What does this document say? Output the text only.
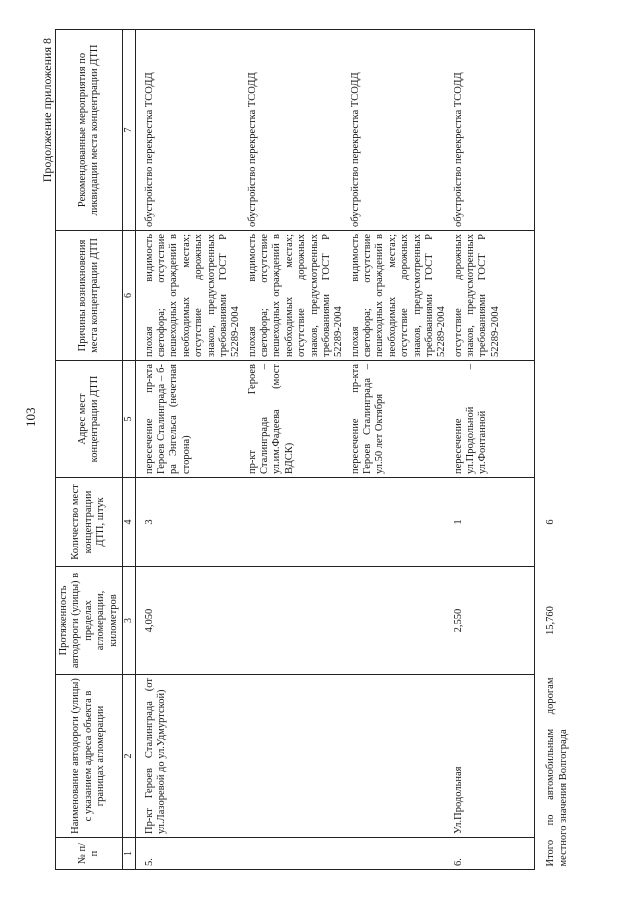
103
Продолжение приложения 8
№ п/п	Наименование автодороги (улицы) с указанием адреса объекта в границах агломерации	Протяженность автодороги (улицы) в пределах агломерации, километров	Количество мест концентрации ДТП, штук	Адрес мест концентрации ДТП	Причины возникновения места концентрации ДТП	Рекомендованные мероприятия по ликвидации места концентрации ДТП
1	2	3	4	5	6	7
5.	Пр-кт Героев Сталинграда (от ул.Лазоревой до ул.Удмуртской)	4,050	3	пересечение пр-кта Героев Сталинграда – б-ра Энгельса (нечетная сторона)	плохая видимость светофора; отсутствие пешеходных ограждений в необходимых местах; отсутствие дорожных знаков, предусмотренных требованиями ГОСТ Р 52289-2004	обустройство перекрестка ТСОДД
				пр-кт Героев Сталинграда – ул.им.Фадеева (мост ВДСК)	плохая видимость светофора; отсутствие пешеходных ограждений в необходимых местах; отсутствие дорожных знаков, предусмотренных требованиями ГОСТ Р 52289-2004	обустройство перекрестка ТСОДД
				пересечение пр-кта Героев Сталинграда – ул.50 лет Октября	плохая видимость светофора; отсутствие пешеходных ограждений в необходимых местах; отсутствие дорожных знаков, предусмотренных требованиями ГОСТ Р 52289-2004	обустройство перекрестка ТСОДД
6.	Ул.Продольная	2,550	1	пересечение ул.Продольной – ул.Фонтанной	отсутствие дорожных знаков, предусмотренных требованиями ГОСТ Р 52289-2004	обустройство перекрестка ТСОДД

Итого по автомобильным дорогам местного значения Волгограда		15,760	6			
